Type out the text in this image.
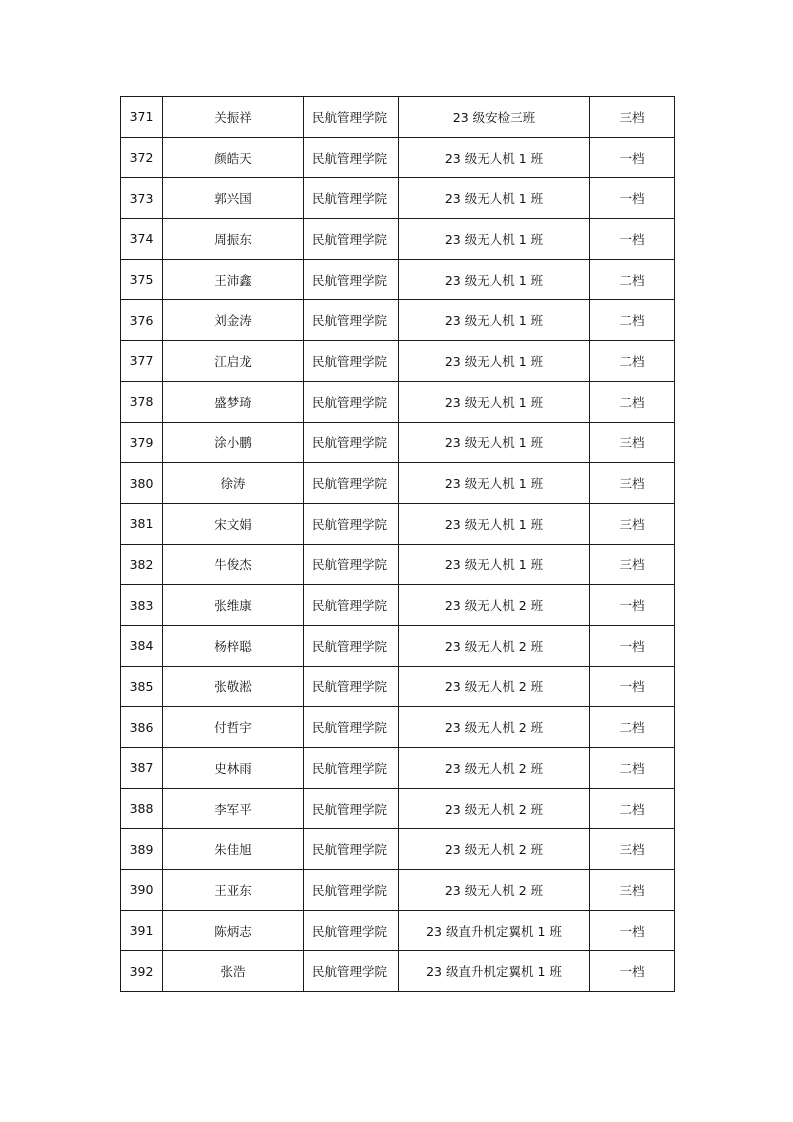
371	关振祥	民航管理学院	23 级安检三班	三档
372	颜皓天	民航管理学院	23 级无人机 1 班	一档
373	郭兴国	民航管理学院	23 级无人机 1 班	一档
374	周振东	民航管理学院	23 级无人机 1 班	一档
375	王沛鑫	民航管理学院	23 级无人机 1 班	二档
376	刘金涛	民航管理学院	23 级无人机 1 班	二档
377	江启龙	民航管理学院	23 级无人机 1 班	二档
378	盛梦琦	民航管理学院	23 级无人机 1 班	二档
379	涂小鹏	民航管理学院	23 级无人机 1 班	三档
380	徐涛	民航管理学院	23 级无人机 1 班	三档
381	宋文娟	民航管理学院	23 级无人机 1 班	三档
382	牛俊杰	民航管理学院	23 级无人机 1 班	三档
383	张维康	民航管理学院	23 级无人机 2 班	一档
384	杨梓聪	民航管理学院	23 级无人机 2 班	一档
385	张敬淞	民航管理学院	23 级无人机 2 班	一档
386	付哲宇	民航管理学院	23 级无人机 2 班	二档
387	史林雨	民航管理学院	23 级无人机 2 班	二档
388	李军平	民航管理学院	23 级无人机 2 班	二档
389	朱佳旭	民航管理学院	23 级无人机 2 班	三档
390	王亚东	民航管理学院	23 级无人机 2 班	三档
391	陈炳志	民航管理学院	23 级直升机定翼机 1 班	一档
392	张浩	民航管理学院	23 级直升机定翼机 1 班	一档
